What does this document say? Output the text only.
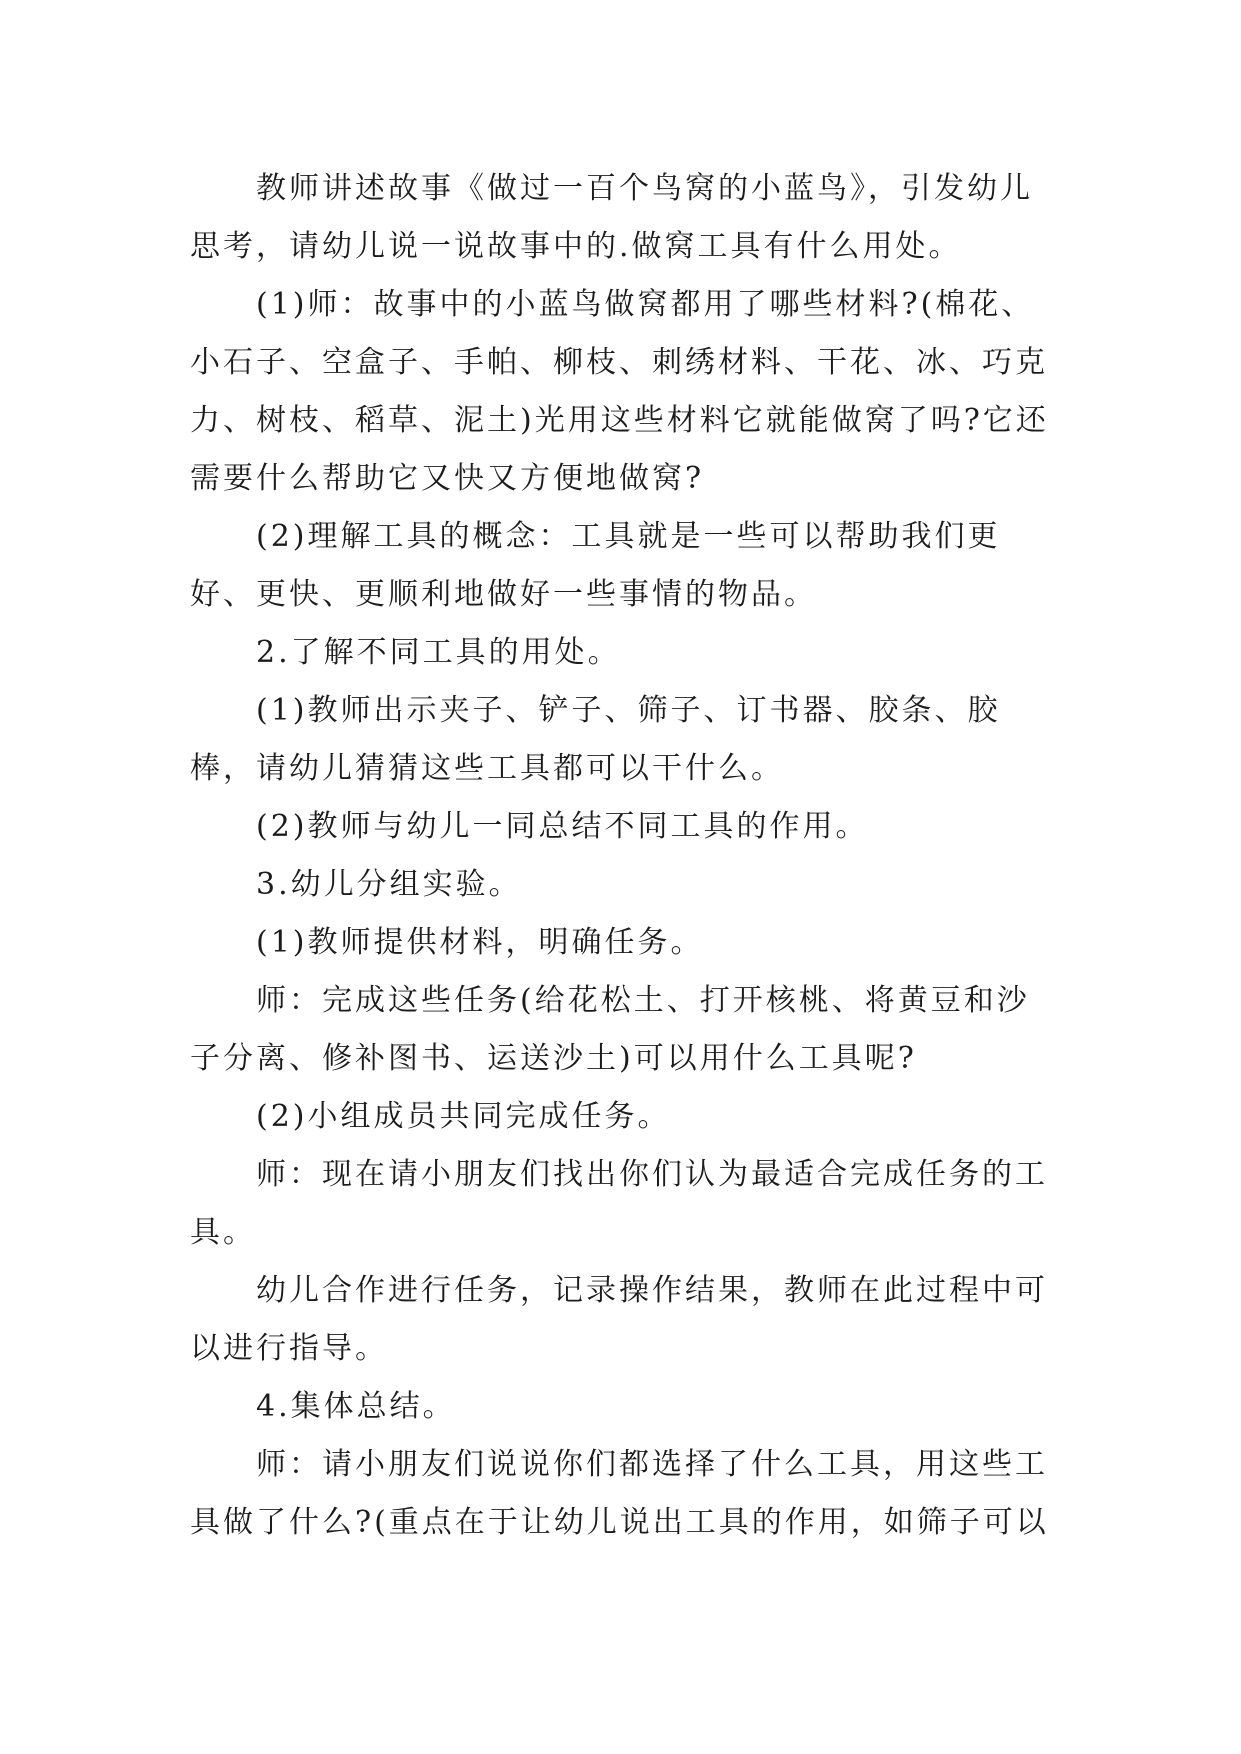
教师讲述故事《做过一百个鸟窝的小蓝鸟》，引发幼儿思考，请幼儿说一说故事中的.做窝工具有什么用处。

(1)师：故事中的小蓝鸟做窝都用了哪些材料?(棉花、小石子、空盒子、手帕、柳枝、刺绣材料、干花、冰、巧克力、树枝、稻草、泥土)光用这些材料它就能做窝了吗?它还需要什么帮助它又快又方便地做窝?

(2)理解工具的概念：工具就是一些可以帮助我们更好、更快、更顺利地做好一些事情的物品。

2.了解不同工具的用处。

(1)教师出示夹子、铲子、筛子、订书器、胶条、胶棒，请幼儿猜猜这些工具都可以干什么。

(2)教师与幼儿一同总结不同工具的作用。

3.幼儿分组实验。

(1)教师提供材料，明确任务。

师：完成这些任务(给花松土、打开核桃、将黄豆和沙子分离、修补图书、运送沙土)可以用什么工具呢?

(2)小组成员共同完成任务。

师：现在请小朋友们找出你们认为最适合完成任务的工具。

幼儿合作进行任务，记录操作结果，教师在此过程中可以进行指导。

4.集体总结。

师：请小朋友们说说你们都选择了什么工具，用这些工具做了什么?(重点在于让幼儿说出工具的作用，如筛子可以
